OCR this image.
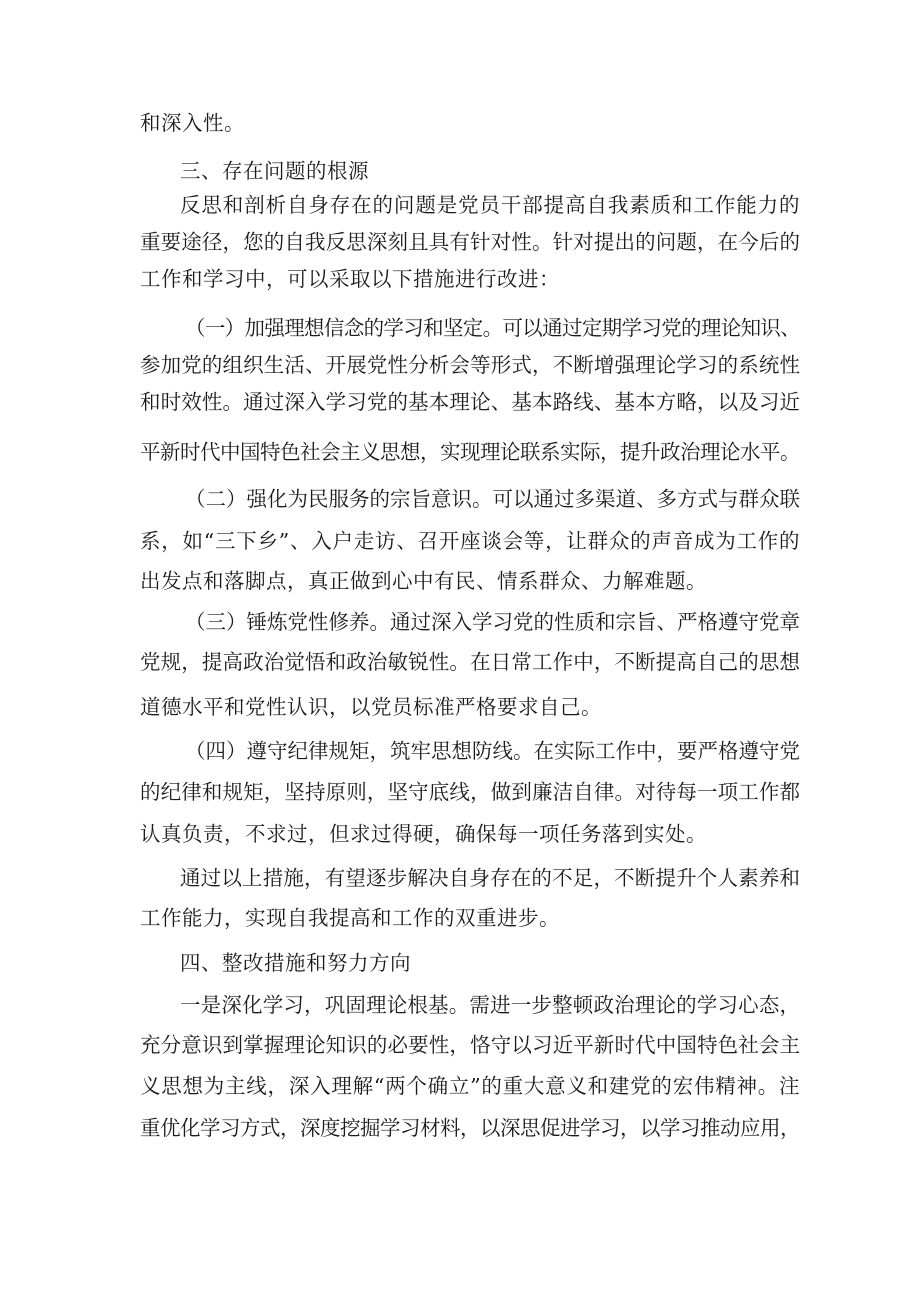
和深入性。
三、存在问题的根源
反思和剖析自身存在的问题是党员干部提高自我素质和工作能力的
重要途径，您的自我反思深刻且具有针对性。针对提出的问题，在今后的
工作和学习中，可以采取以下措施进行改进：
（一）加强理想信念的学习和坚定。可以通过定期学习党的理论知识、
参加党的组织生活、开展党性分析会等形式，不断增强理论学习的系统性
和时效性。通过深入学习党的基本理论、基本路线、基本方略，以及习近
平新时代中国特色社会主义思想，实现理论联系实际，提升政治理论水平。
（二）强化为民服务的宗旨意识。可以通过多渠道、多方式与群众联
系，如“三下乡”、入户走访、召开座谈会等，让群众的声音成为工作的
出发点和落脚点，真正做到心中有民、情系群众、力解难题。
（三）锤炼党性修养。通过深入学习党的性质和宗旨、严格遵守党章
党规，提高政治觉悟和政治敏锐性。在日常工作中，不断提高自己的思想
道德水平和党性认识，以党员标准严格要求自己。
（四）遵守纪律规矩，筑牢思想防线。在实际工作中，要严格遵守党
的纪律和规矩，坚持原则，坚守底线，做到廉洁自律。对待每一项工作都
认真负责，不求过，但求过得硬，确保每一项任务落到实处。
通过以上措施，有望逐步解决自身存在的不足，不断提升个人素养和
工作能力，实现自我提高和工作的双重进步。
四、整改措施和努力方向
一是深化学习，巩固理论根基。需进一步整顿政治理论的学习心态，
充分意识到掌握理论知识的必要性，恪守以习近平新时代中国特色社会主
义思想为主线，深入理解“两个确立”的重大意义和建党的宏伟精神。注
重优化学习方式，深度挖掘学习材料，以深思促进学习，以学习推动应用，
